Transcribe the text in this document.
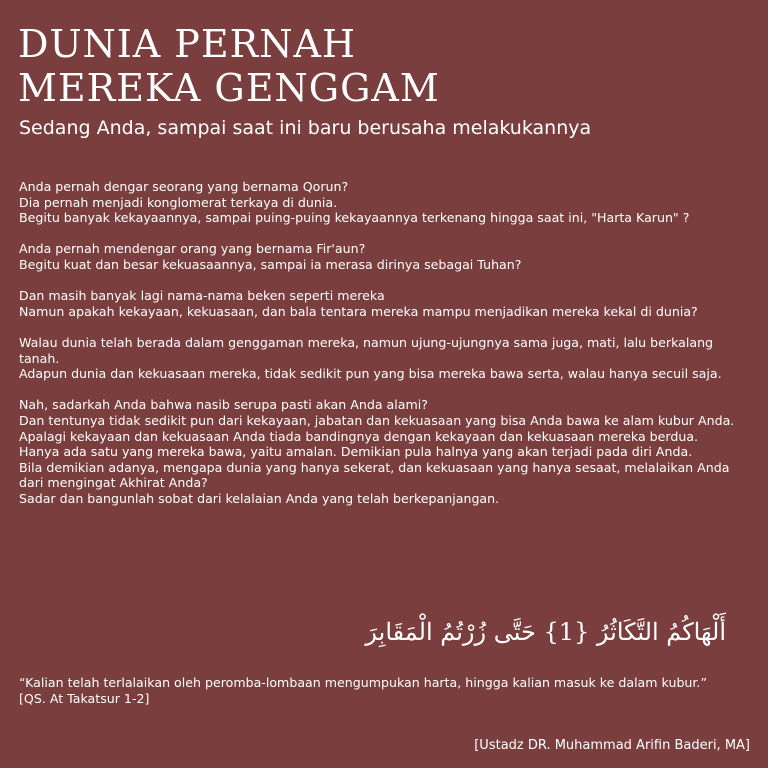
DUNIA PERNAH
MEREKA GENGGAM

Sedang Anda, sampai saat ini baru berusaha melakukannya

Anda pernah dengar seorang yang bernama Qorun?
Dia pernah menjadi konglomerat terkaya di dunia.
Begitu banyak kekayaannya, sampai puing-puing kekayaannya terkenang hingga saat ini, "Harta Karun" ?

Anda pernah mendengar orang yang bernama Fir'aun?
Begitu kuat dan besar kekuasaannya, sampai ia merasa dirinya sebagai Tuhan?

Dan masih banyak lagi nama-nama beken seperti mereka
Namun apakah kekayaan, kekuasaan, dan bala tentara mereka mampu menjadikan mereka kekal di dunia?

Walau dunia telah berada dalam genggaman mereka, namun ujung-ujungnya sama juga, mati, lalu berkalang tanah.
Adapun dunia dan kekuasaan mereka, tidak sedikit pun yang bisa mereka bawa serta, walau hanya secuil saja.

Nah, sadarkah Anda bahwa nasib serupa pasti akan Anda alami?
Dan tentunya tidak sedikit pun dari kekayaan, jabatan dan kekuasaan yang bisa Anda bawa ke alam kubur Anda.
Apalagi kekayaan dan kekuasaan Anda tiada bandingnya dengan kekayaan dan kekuasaan mereka berdua.
Hanya ada satu yang mereka bawa, yaitu amalan. Demikian pula halnya yang akan terjadi pada diri Anda.
Bila demikian adanya, mengapa dunia yang hanya sekerat, dan kekuasaan yang hanya sesaat, melalaikan Anda dari mengingat Akhirat Anda?
Sadar dan bangunlah sobat dari kelalaian Anda yang telah berkepanjangan.

أَلْهَاكُمُ التَّكَاثُرُ {1} حَتَّى زُرْتُمُ الْمَقَابِرَ

“Kalian telah terlalaikan oleh peromba-lombaan mengumpukan harta, hingga kalian masuk ke dalam kubur.” [QS. At Takatsur 1-2]

[Ustadz DR. Muhammad Arifin Baderi, MA]
